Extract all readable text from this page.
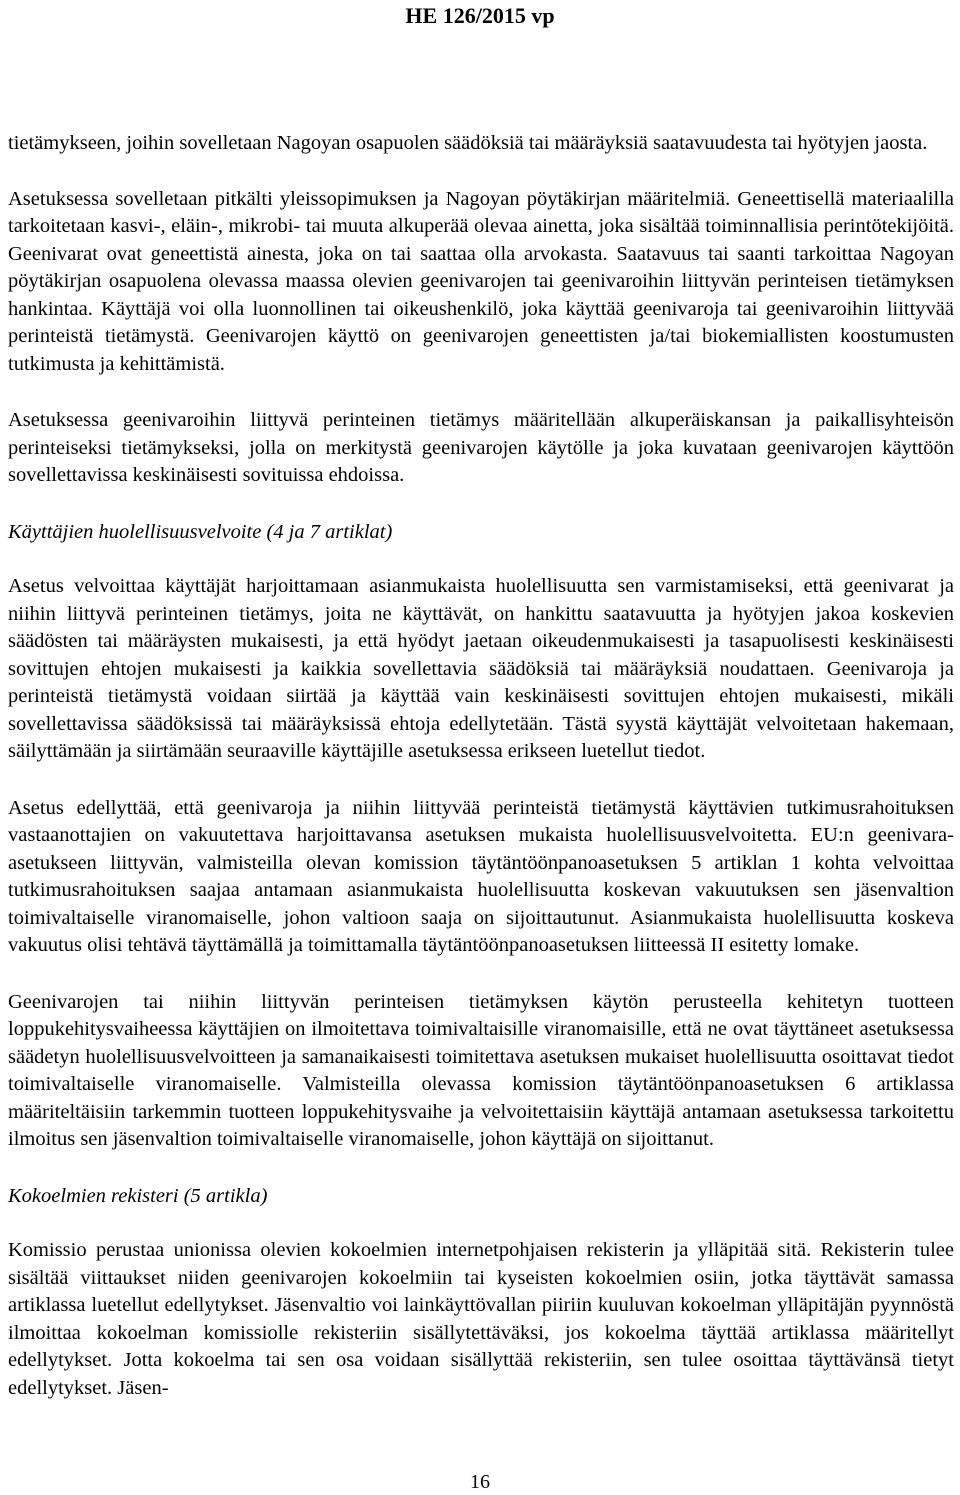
HE 126/2015 vp

tietämykseen, joihin sovelletaan Nagoyan osapuolen säädöksiä tai määräyksiä saatavuudesta tai hyötyjen jaosta.

Asetuksessa sovelletaan pitkälti yleissopimuksen ja Nagoyan pöytäkirjan määritelmiä. Geneettisellä materiaalilla tarkoitetaan kasvi-, eläin-, mikrobi- tai muuta alkuperää olevaa ainetta, joka sisältää toiminnallisia perintötekijöitä. Geenivarat ovat geneettistä ainesta, joka on tai saattaa olla arvokasta. Saatavuus tai saanti tarkoittaa Nagoyan pöytäkirjan osapuolena olevassa maassa olevien geenivarojen tai geenivaroihin liittyvän perinteisen tietämyksen hankintaa. Käyttäjä voi olla luonnollinen tai oikeushenkilö, joka käyttää geenivaroja tai geenivaroihin liittyvää perinteistä tietämystä. Geenivarojen käyttö on geenivarojen geneettisten ja/tai biokemiallisten koostumusten tutkimusta ja kehittämistä.

Asetuksessa geenivaroihin liittyvä perinteinen tietämys määritellään alkuperäiskansan ja paikallisyhteisön perinteiseksi tietämykseksi, jolla on merkitystä geenivarojen käytölle ja joka kuvataan geenivarojen käyttöön sovellettavissa keskinäisesti sovituissa ehdoissa.

Käyttäjien huolellisuusvelvoite (4 ja 7 artiklat)

Asetus velvoittaa käyttäjät harjoittamaan asianmukaista huolellisuutta sen varmistamiseksi, että geenivarat ja niihin liittyvä perinteinen tietämys, joita ne käyttävät, on hankittu saatavuutta ja hyötyjen jakoa koskevien säädösten tai määräysten mukaisesti, ja että hyödyt jaetaan oikeudenmukaisesti ja tasapuolisesti keskinäisesti sovittujen ehtojen mukaisesti ja kaikkia sovellettavia säädöksiä tai määräyksiä noudattaen. Geenivaroja ja perinteistä tietämystä voidaan siirtää ja käyttää vain keskinäisesti sovittujen ehtojen mukaisesti, mikäli sovellettavissa säädöksissä tai määräyksissä ehtoja edellytetään. Tästä syystä käyttäjät velvoitetaan hakemaan, säilyttämään ja siirtämään seuraaville käyttäjille asetuksessa erikseen luetellut tiedot.

Asetus edellyttää, että geenivaroja ja niihin liittyvää perinteistä tietämystä käyttävien tutkimusrahoituksen vastaanottajien on vakuutettava harjoittavansa asetuksen mukaista huolellisuusvelvoitetta. EU:n geenivara-asetukseen liittyvän, valmisteilla olevan komission täytäntöönpanoasetuksen 5 artiklan 1 kohta velvoittaa tutkimusrahoituksen saajaa antamaan asianmukaista huolellisuutta koskevan vakuutuksen sen jäsenvaltion toimivaltaiselle viranomaiselle, johon valtioon saaja on sijoittautunut. Asianmukaista huolellisuutta koskeva vakuutus olisi tehtävä täyttämällä ja toimittamalla täytäntöönpanoasetuksen liitteessä II esitetty lomake.

Geenivarojen tai niihin liittyvän perinteisen tietämyksen käytön perusteella kehitetyn tuotteen loppukehitysvaiheessa käyttäjien on ilmoitettava toimivaltaisille viranomaisille, että ne ovat täyttäneet asetuksessa säädetyn huolellisuusvelvoitteen ja samanaikaisesti toimitettava asetuksen mukaiset huolellisuutta osoittavat tiedot toimivaltaiselle viranomaiselle. Valmisteilla olevassa komission täytäntöönpanoasetuksen 6 artiklassa määriteltäisiin tarkemmin tuotteen loppukehitysvaihe ja velvoitettaisiin käyttäjä antamaan asetuksessa tarkoitettu ilmoitus sen jäsenvaltion toimivaltaiselle viranomaiselle, johon käyttäjä on sijoittanut.

Kokoelmien rekisteri (5 artikla)

Komissio perustaa unionissa olevien kokoelmien internetpohjaisen rekisterin ja ylläpitää sitä. Rekisterin tulee sisältää viittaukset niiden geenivarojen kokoelmiin tai kyseisten kokoelmien osiin, jotka täyttävät samassa artiklassa luetellut edellytykset. Jäsenvaltio voi lainkäyttövallan piiriin kuuluvan kokoelman ylläpitäjän pyynnöstä ilmoittaa kokoelman komissiolle rekisteriin sisällytettäväksi, jos kokoelma täyttää artiklassa määritellyt edellytykset. Jotta kokoelma tai sen osa voidaan sisällyttää rekisteriin, sen tulee osoittaa täyttävänsä tietyt edellytykset. Jäsen-

16
